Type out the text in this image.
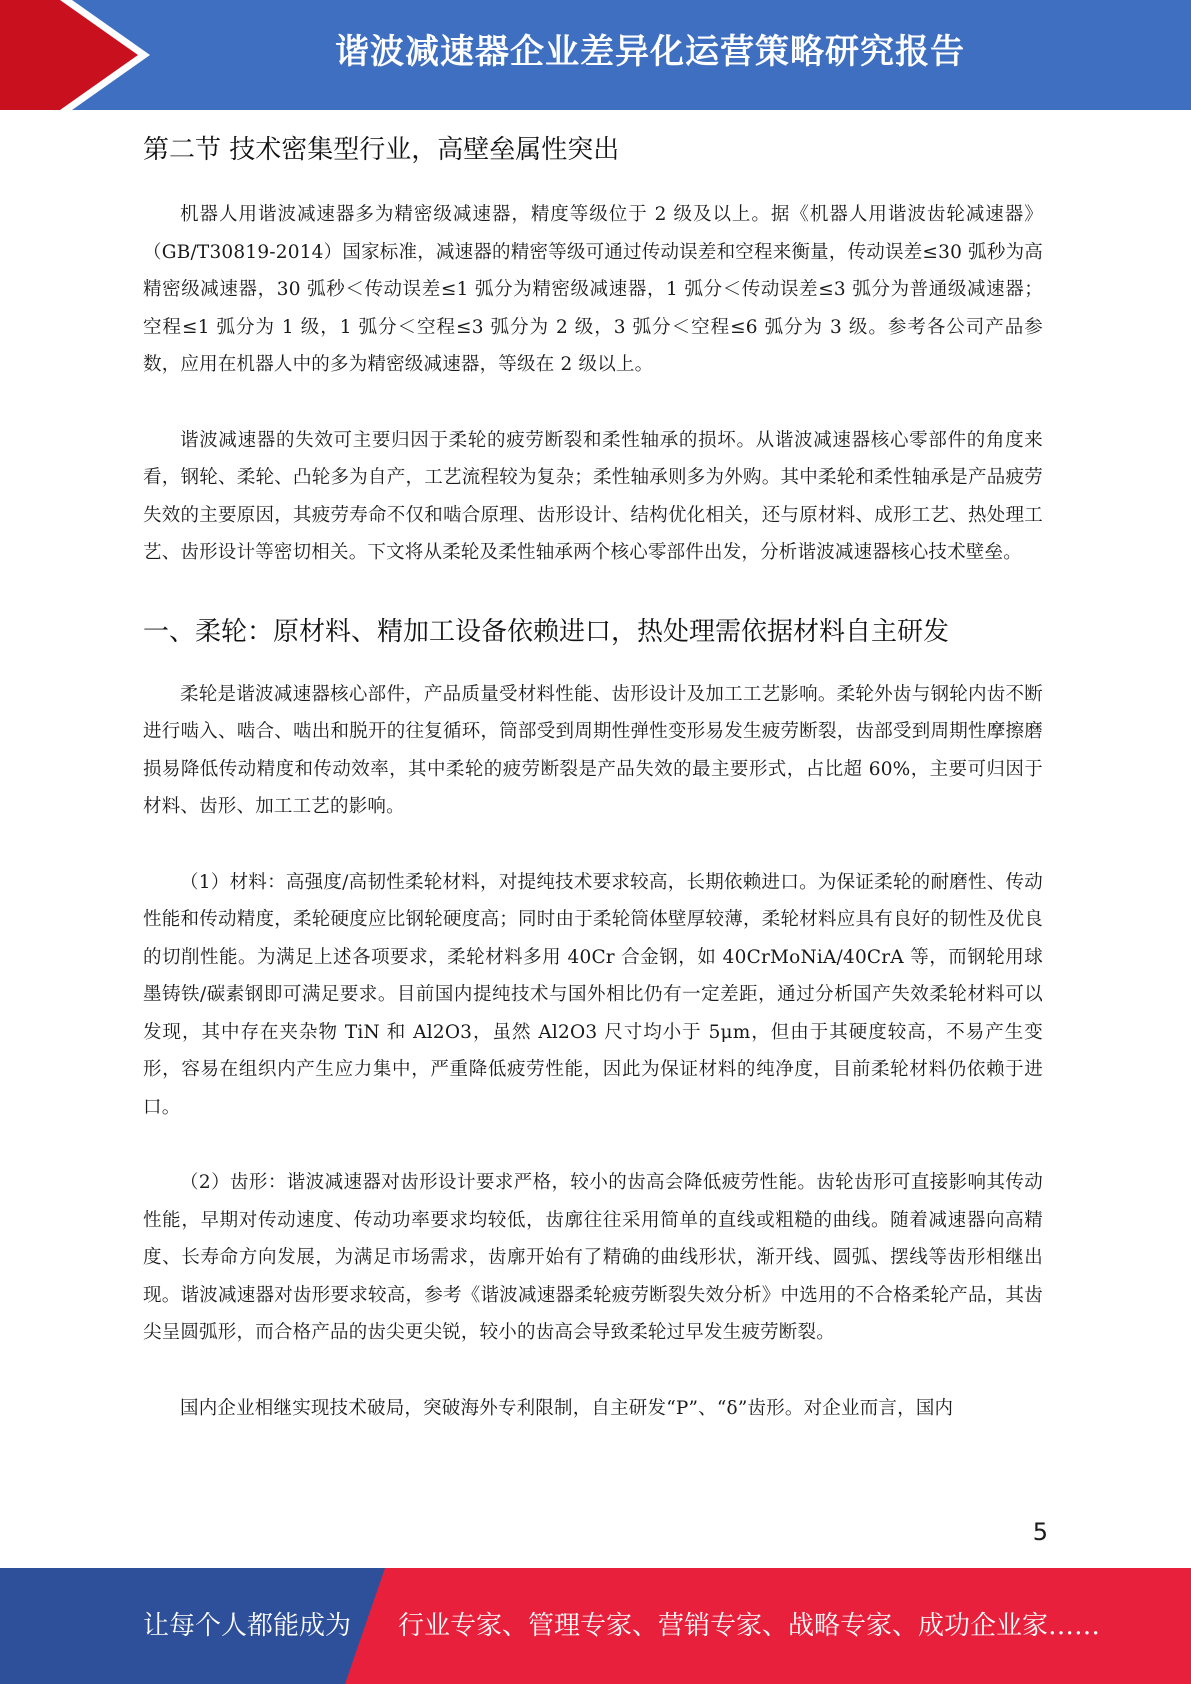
谐波减速器企业差异化运营策略研究报告
第二节 技术密集型行业，高壁垒属性突出

机器人用谐波减速器多为精密级减速器，精度等级位于 2 级及以上。据《机器人用谐波齿轮减速器》（GB/T30819-2014）国家标准，减速器的精密等级可通过传动误差和空程来衡量，传动误差≤30 弧秒为高精密级减速器，30 弧秒＜传动误差≤1 弧分为精密级减速器，1 弧分＜传动误差≤3 弧分为普通级减速器；空程≤1 弧分为 1 级，1 弧分＜空程≤3 弧分为 2 级，3 弧分＜空程≤6 弧分为 3 级。参考各公司产品参数，应用在机器人中的多为精密级减速器，等级在 2 级以上。

谐波减速器的失效可主要归因于柔轮的疲劳断裂和柔性轴承的损坏。从谐波减速器核心零部件的角度来看，钢轮、柔轮、凸轮多为自产，工艺流程较为复杂；柔性轴承则多为外购。其中柔轮和柔性轴承是产品疲劳失效的主要原因，其疲劳寿命不仅和啮合原理、齿形设计、结构优化相关，还与原材料、成形工艺、热处理工艺、齿形设计等密切相关。下文将从柔轮及柔性轴承两个核心零部件出发，分析谐波减速器核心技术壁垒。

一、柔轮：原材料、精加工设备依赖进口，热处理需依据材料自主研发

柔轮是谐波减速器核心部件，产品质量受材料性能、齿形设计及加工工艺影响。柔轮外齿与钢轮内齿不断进行啮入、啮合、啮出和脱开的往复循环，筒部受到周期性弹性变形易发生疲劳断裂，齿部受到周期性摩擦磨损易降低传动精度和传动效率，其中柔轮的疲劳断裂是产品失效的最主要形式，占比超 60%，主要可归因于材料、齿形、加工工艺的影响。

（1）材料：高强度/高韧性柔轮材料，对提纯技术要求较高，长期依赖进口。为保证柔轮的耐磨性、传动性能和传动精度，柔轮硬度应比钢轮硬度高；同时由于柔轮筒体壁厚较薄，柔轮材料应具有良好的韧性及优良的切削性能。为满足上述各项要求，柔轮材料多用 40Cr 合金钢，如 40CrMoNiA/40CrA 等，而钢轮用球墨铸铁/碳素钢即可满足要求。目前国内提纯技术与国外相比仍有一定差距，通过分析国产失效柔轮材料可以发现，其中存在夹杂物 TiN 和 Al2O3，虽然 Al2O3 尺寸均小于 5μm，但由于其硬度较高，不易产生变形，容易在组织内产生应力集中，严重降低疲劳性能，因此为保证材料的纯净度，目前柔轮材料仍依赖于进口。

（2）齿形：谐波减速器对齿形设计要求严格，较小的齿高会降低疲劳性能。齿轮齿形可直接影响其传动性能，早期对传动速度、传动功率要求均较低，齿廓往往采用简单的直线或粗糙的曲线。随着减速器向高精度、长寿命方向发展，为满足市场需求，齿廓开始有了精确的曲线形状，渐开线、圆弧、摆线等齿形相继出现。谐波减速器对齿形要求较高，参考《谐波减速器柔轮疲劳断裂失效分析》中选用的不合格柔轮产品，其齿尖呈圆弧形，而合格产品的齿尖更尖锐，较小的齿高会导致柔轮过早发生疲劳断裂。

国内企业相继实现技术破局，突破海外专利限制，自主研发“P”、“δ”齿形。对企业而言，国内

5
让每个人都能成为 行业专家、管理专家、营销专家、战略专家、成功企业家……
